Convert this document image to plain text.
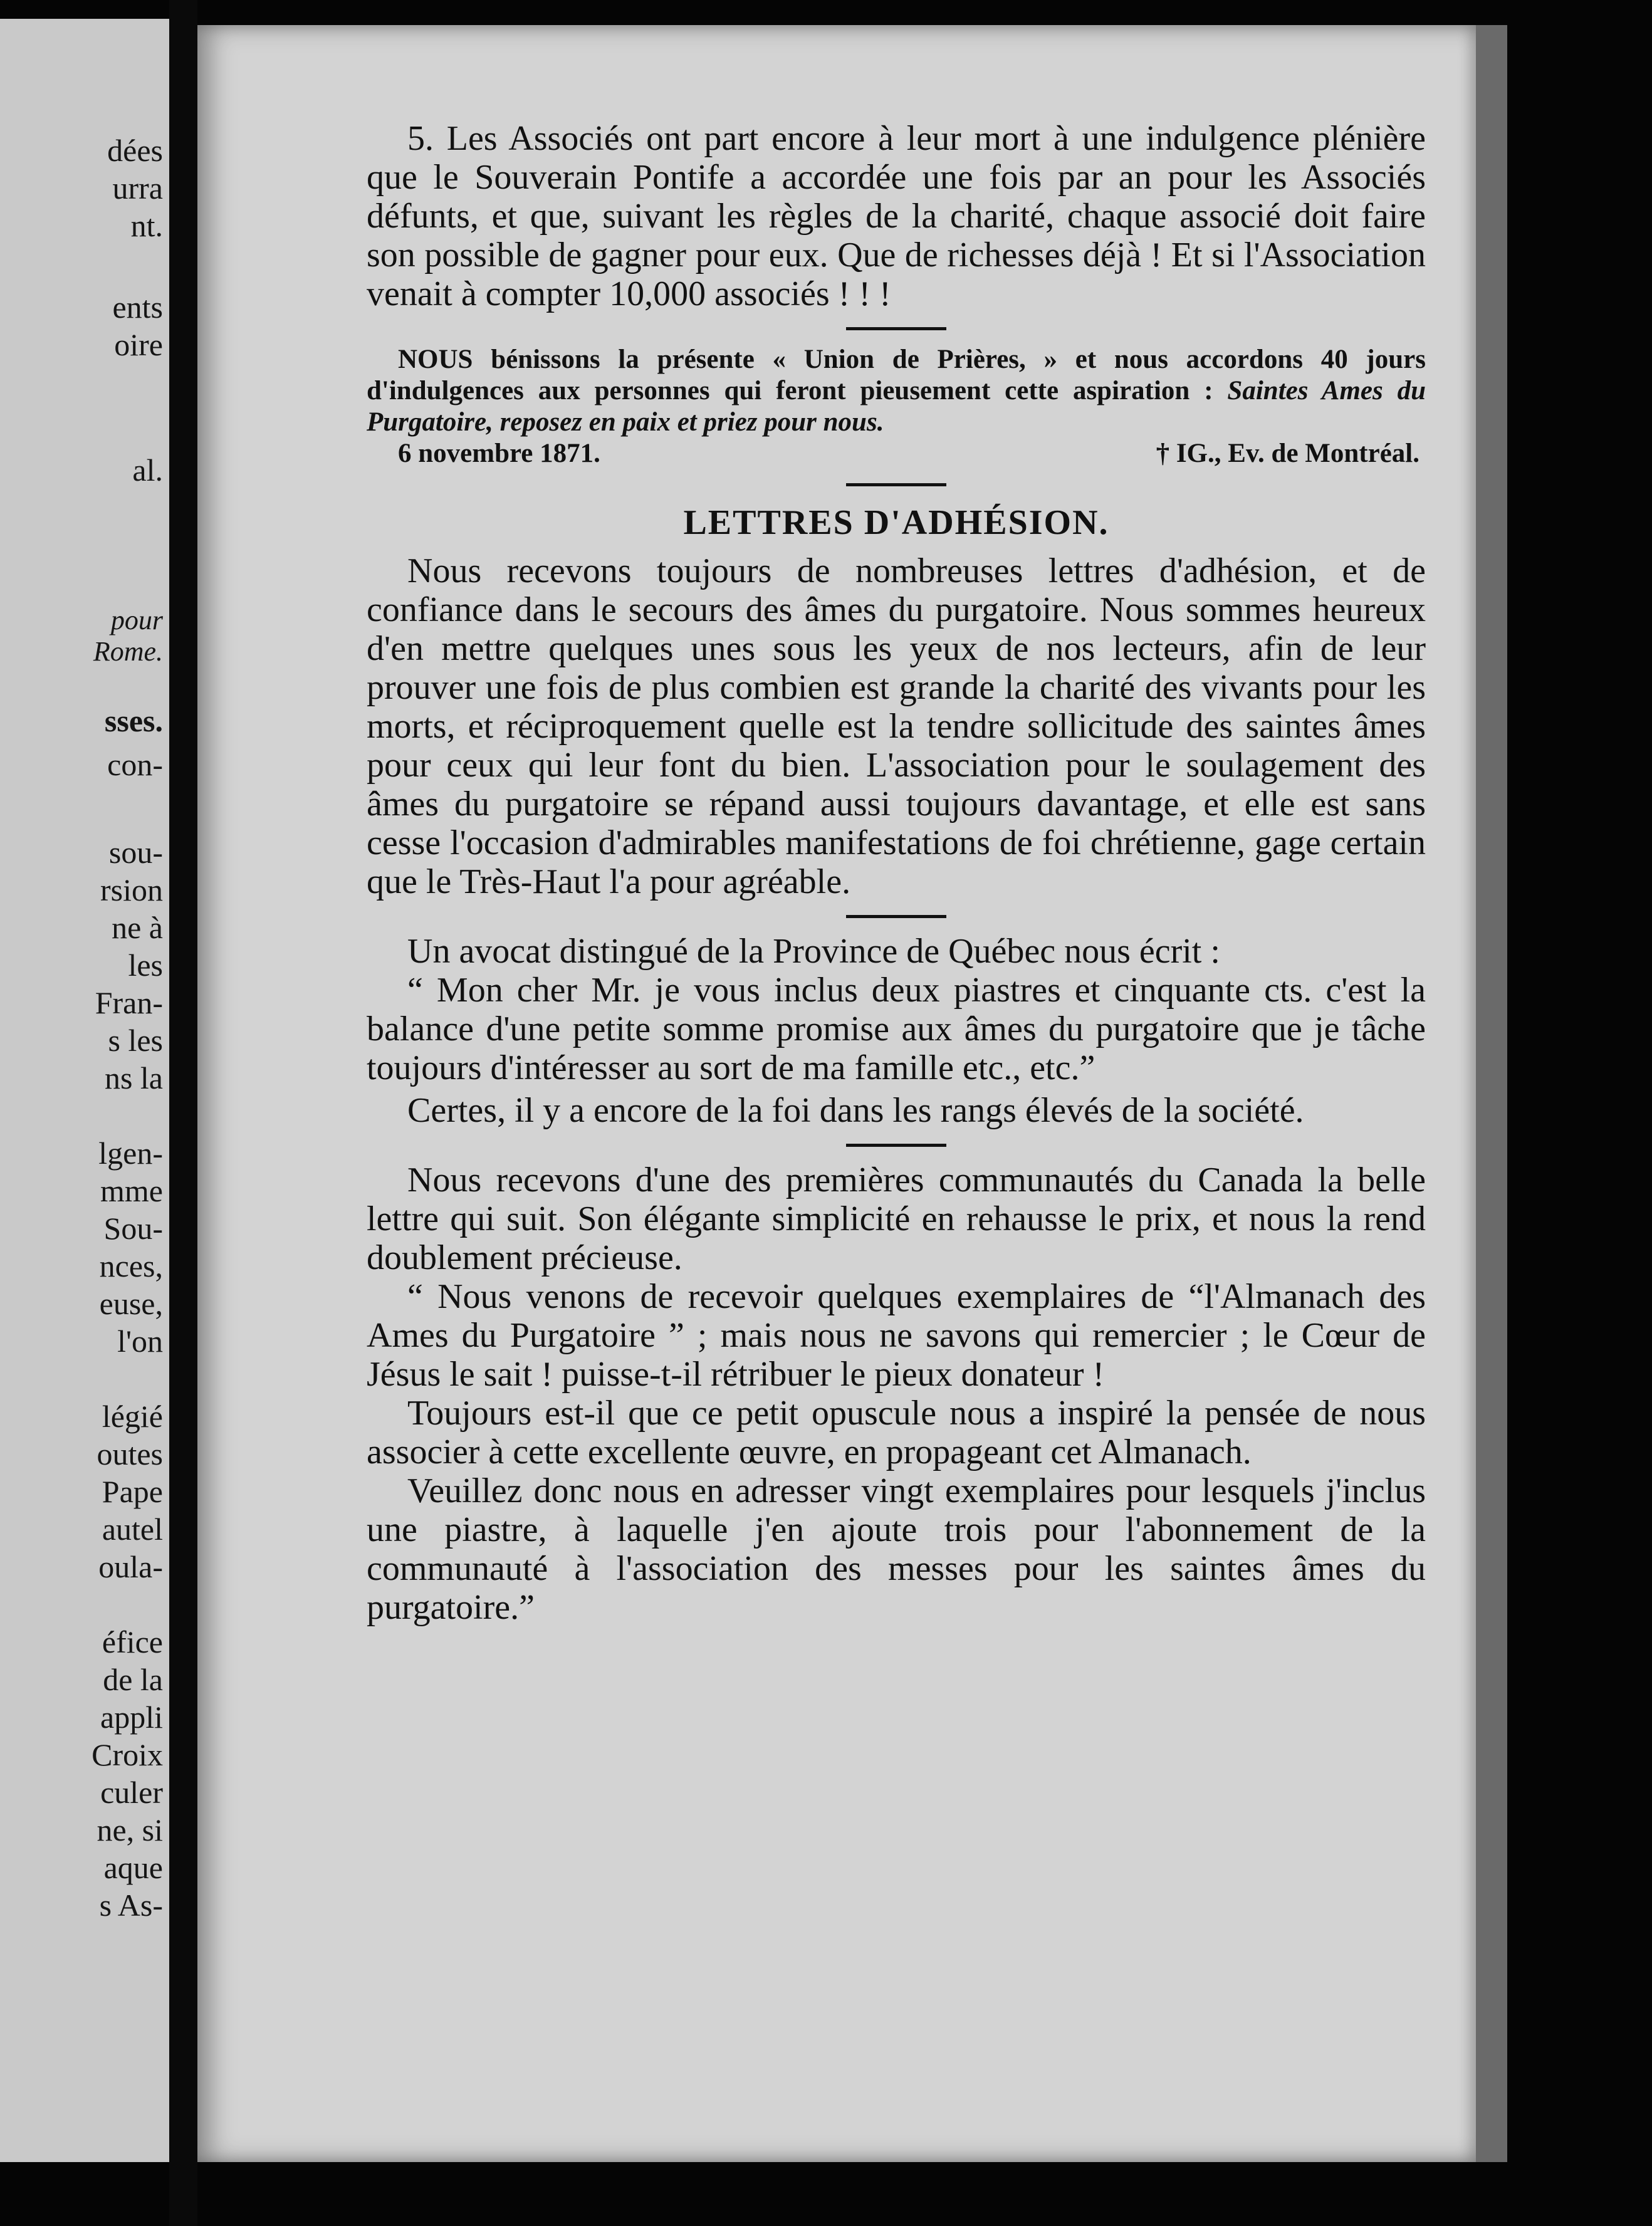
dées
urra
nt.
ents
oire
al.
pour
Rome.
sses.
con-
sou-
rsion
ne à
les
Fran-
s les
ns la
lgen-
mme
Sou-
nces,
euse,
l'on
légié
outes
Pape
autel
oula-
éfice
de la
appli
Croix
culer
ne, si
aque
s As-

5. Les Associés ont part encore à leur mort à une indulgence plénière que le Souverain Pontife a accordée une fois par an pour les Associés défunts, et que, suivant les règles de la charité, chaque associé doit faire son possible de gagner pour eux. Que de richesses déjà ! Et si l'Association venait à compter 10,000 associés ! ! !

NOUS bénissons la présente « Union de Prières, » et nous accordons 40 jours d'indulgences aux personnes qui feront pieusement cette aspiration : Saintes Ames du Purgatoire, reposez en paix et priez pour nous.
6 novembre 1871.	† IG., Ev. de Montréal.
LETTRES D'ADHÉSION.

Nous recevons toujours de nombreuses lettres d'adhésion, et de confiance dans le secours des âmes du purgatoire. Nous sommes heureux d'en mettre quelques unes sous les yeux de nos lecteurs, afin de leur prouver une fois de plus combien est grande la charité des vivants pour les morts, et réciproquement quelle est la tendre sollicitude des saintes âmes pour ceux qui leur font du bien. L'association pour le soulagement des âmes du purgatoire se répand aussi toujours davantage, et elle est sans cesse l'occasion d'admirables manifestations de foi chrétienne, gage certain que le Très-Haut l'a pour agréable.

Un avocat distingué de la Province de Québec nous écrit :

“ Mon cher Mr. je vous inclus deux piastres et cinquante cts. c'est la balance d'une petite somme promise aux âmes du purgatoire que je tâche toujours d'intéresser au sort de ma famille etc., etc.”

Certes, il y a encore de la foi dans les rangs élevés de la société.

Nous recevons d'une des premières communautés du Canada la belle lettre qui suit. Son élégante simplicité en rehausse le prix, et nous la rend doublement précieuse.

“ Nous venons de recevoir quelques exemplaires de “l'Almanach des Ames du Purgatoire ” ; mais nous ne savons qui remercier ; le Cœur de Jésus le sait ! puisse-t-il rétribuer le pieux donateur !

Toujours est-il que ce petit opuscule nous a inspiré la pensée de nous associer à cette excellente œuvre, en propageant cet Almanach.

Veuillez donc nous en adresser vingt exemplaires pour lesquels j'inclus une piastre, à laquelle j'en ajoute trois pour l'abonnement de la communauté à l'association des messes pour les saintes âmes du purgatoire.”
